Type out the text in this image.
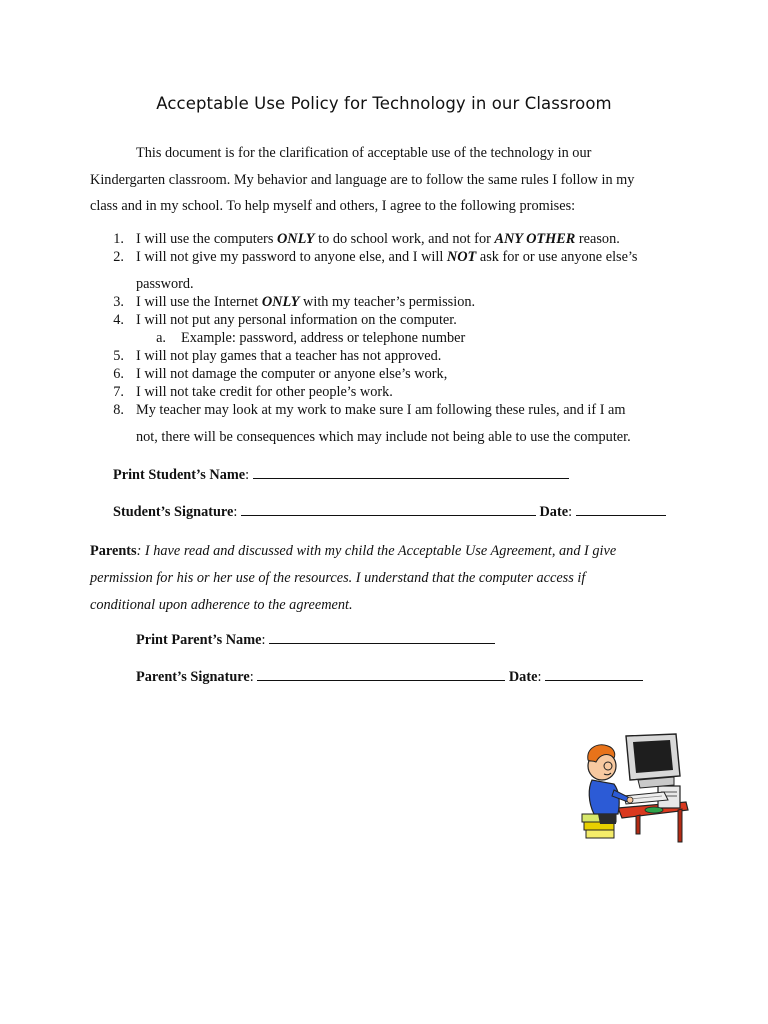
Acceptable Use Policy for Technology in our Classroom

This document is for the clarification of acceptable use of the technology in our

Kindergarten classroom. My behavior and language are to follow the same rules I follow in my

class and in my school. To help myself and others, I agree to the following promises:

1. I will use the computers ONLY to do school work, and not for ANY OTHER reason.
2. I will not give my password to anyone else, and I will NOT ask for or use anyone else’s
password.
3. I will use the Internet ONLY with my teacher’s permission.
4. I will not put any personal information on the computer.
a. Example: password, address or telephone number
5. I will not play games that a teacher has not approved.
6. I will not damage the computer or anyone else’s work,
7. I will not take credit for other people’s work.
8. My teacher may look at my work to make sure I am following these rules, and if I am
not, there will be consequences which may include not being able to use the computer.
Print Student’s Name:
Student’s Signature:	Date:

Parents: I have read and discussed with my child the Acceptable Use Agreement, and I give

permission for his or her use of the resources. I understand that the computer access if

conditional upon adherence to the agreement.

Print Parent’s Name:
Parent’s Signature:	Date:
